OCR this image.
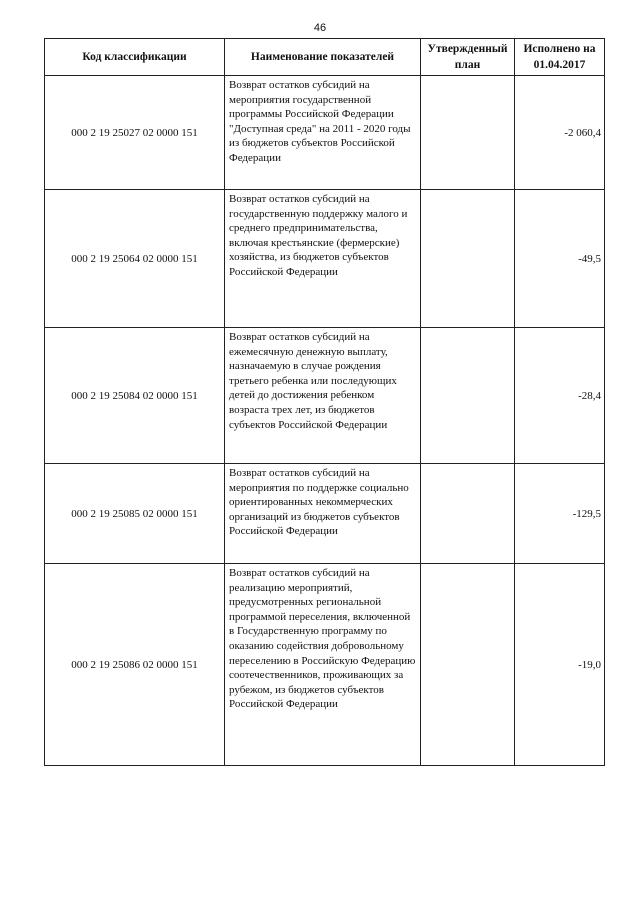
46
Код классификации	Наименование показателей	Утвержденный план	Исполнено на 01.04.2017
000 2 19 25027 02 0000 151	Возврат остатков субсидий на мероприятия государственной программы Российской Федерации "Доступная среда" на 2011 - 2020 годы из бюджетов субъектов Российской Федерации		-2 060,4
000 2 19 25064 02 0000 151	Возврат остатков субсидий на государственную поддержку малого и среднего предпринимательства, включая крестьянские (фермерские) хозяйства, из бюджетов субъектов Российской Федерации		-49,5
000 2 19 25084 02 0000 151	Возврат остатков субсидий на ежемесячную денежную выплату, назначаемую в случае рождения третьего ребенка или последующих детей до достижения ребенком возраста трех лет, из бюджетов субъектов Российской Федерации		-28,4
000 2 19 25085 02 0000 151	Возврат остатков субсидий на мероприятия по поддержке социально ориентированных некоммерческих организаций из бюджетов субъектов Российской Федерации		-129,5
000 2 19 25086 02 0000 151	Возврат остатков субсидий на реализацию мероприятий, предусмотренных региональной программой переселения, включенной в Государственную программу по оказанию содействия добровольному переселению в Российскую Федерацию соотечественников, проживающих за рубежом, из бюджетов субъектов Российской Федерации		-19,0
